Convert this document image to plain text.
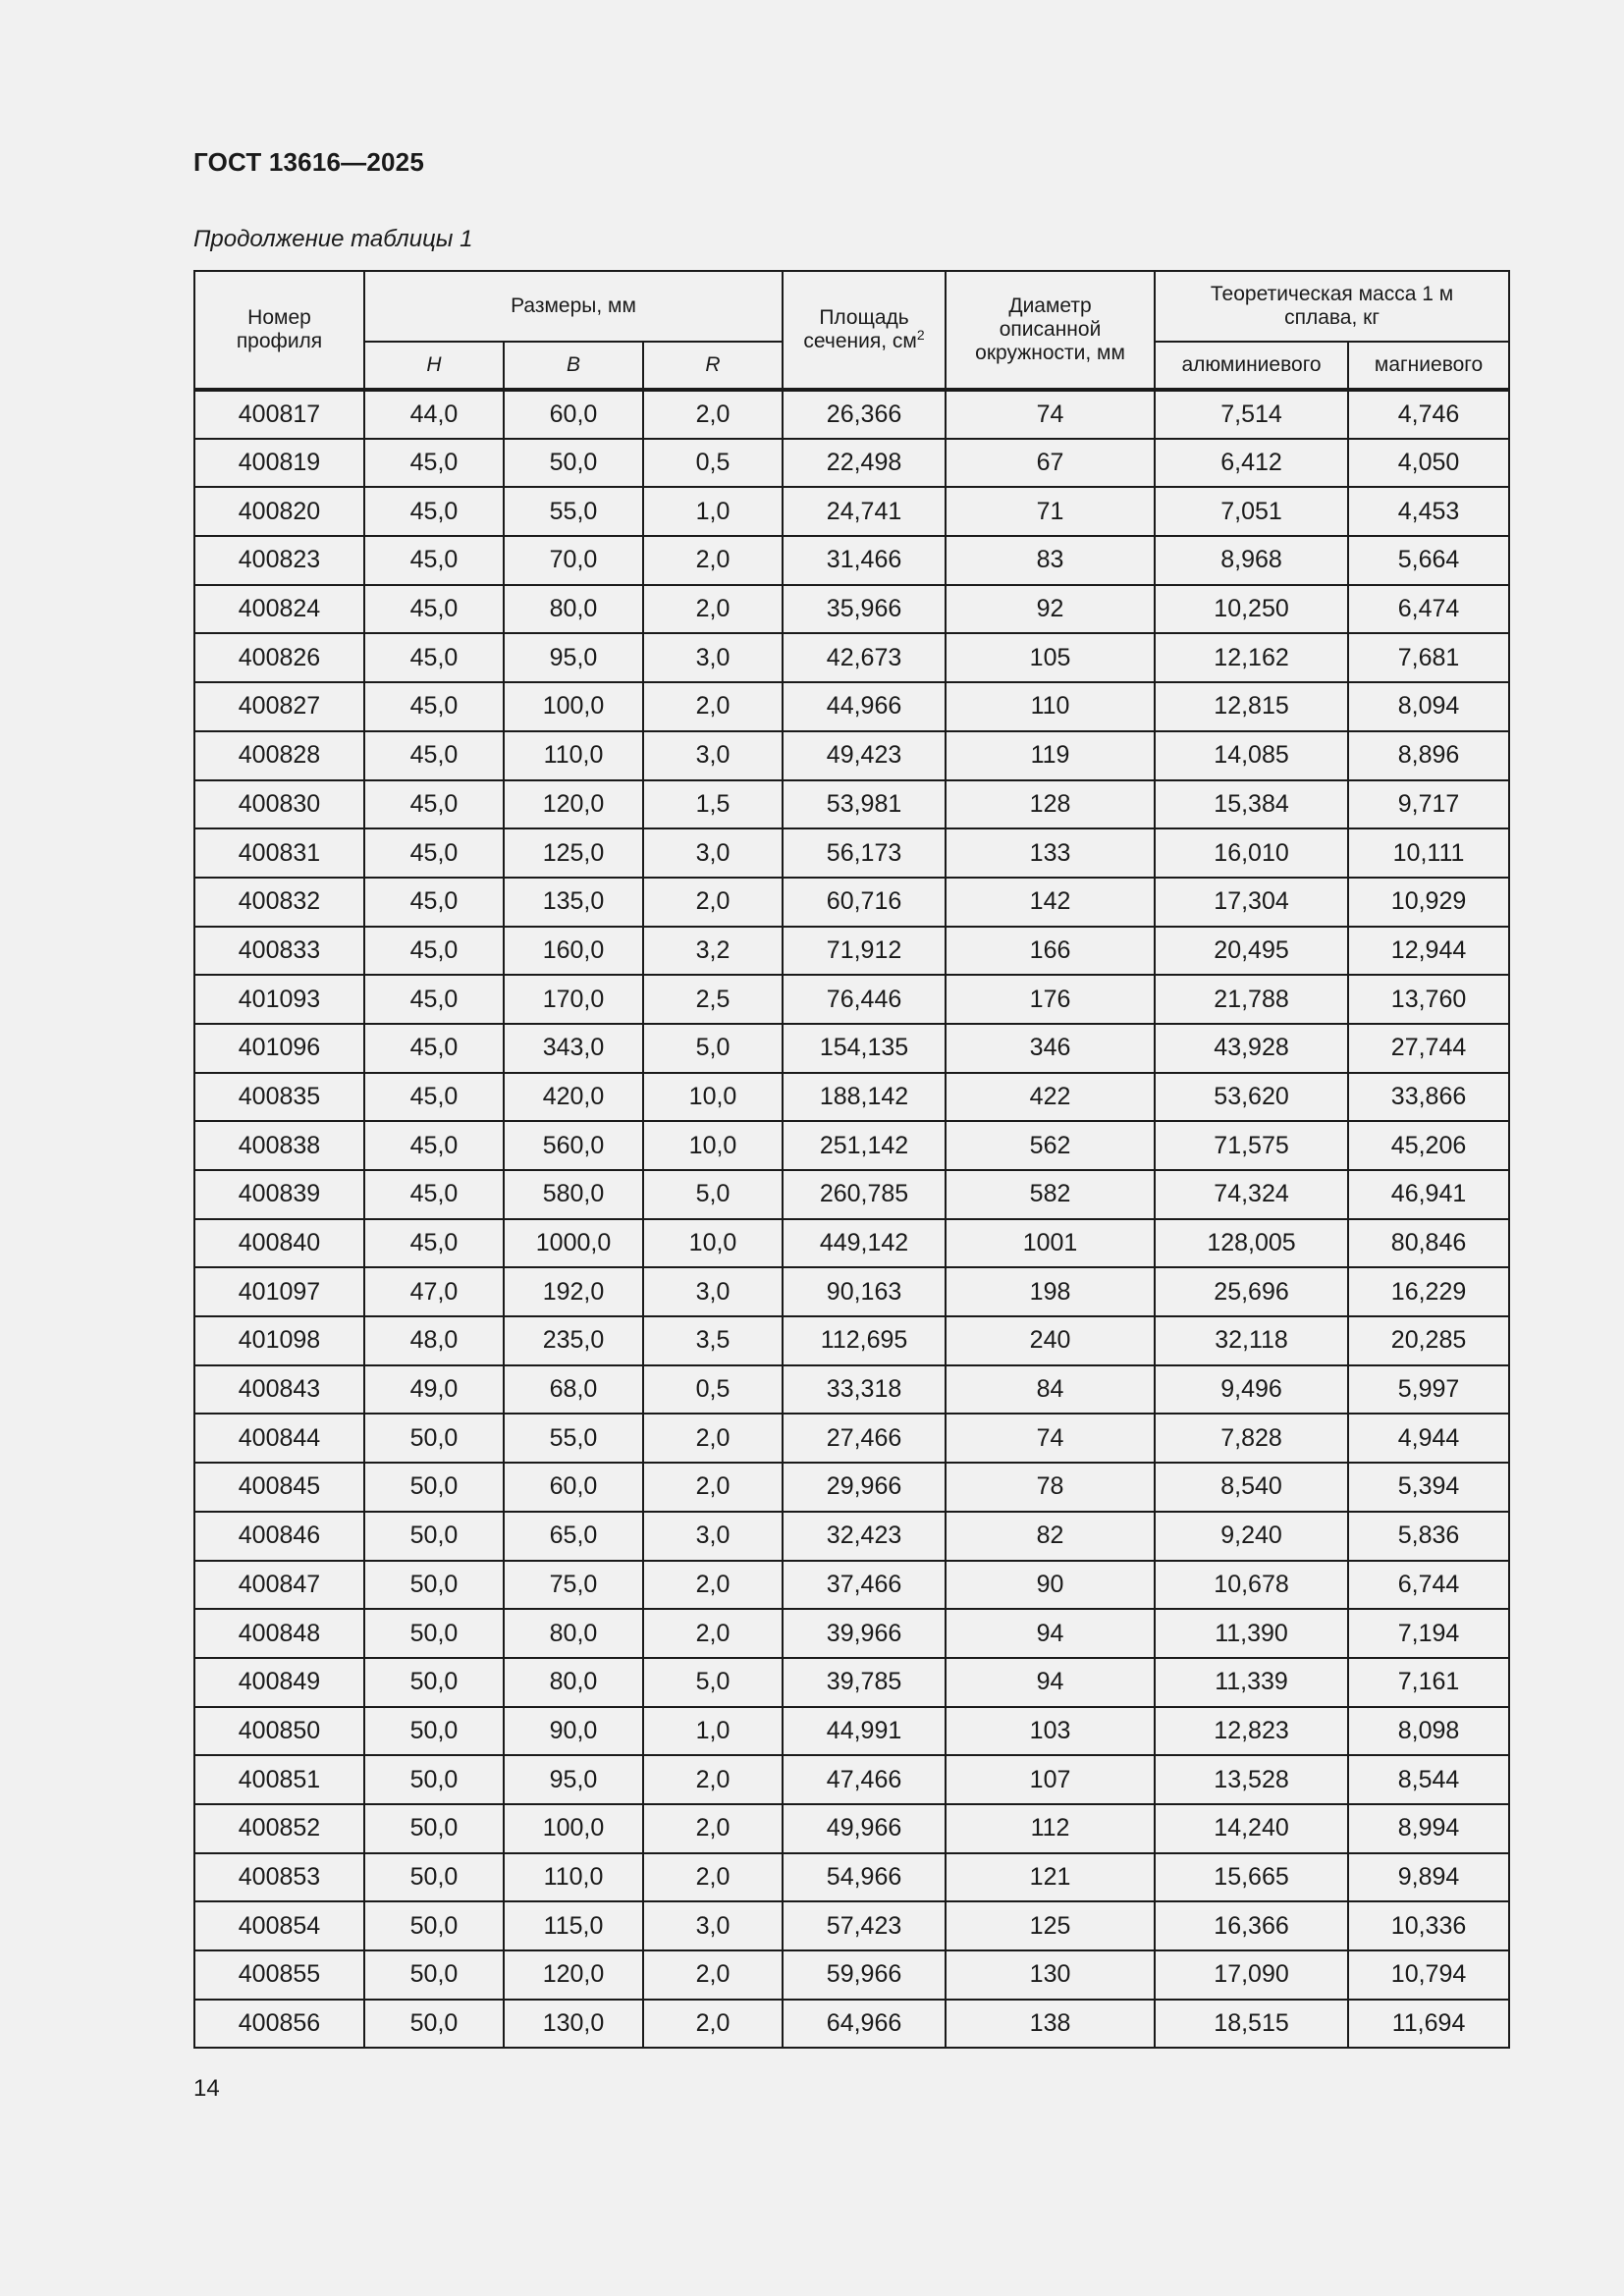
ГОСТ 13616—2025
Продолжение таблицы 1
Номер профиля	Размеры, мм			Площадь сечения, $см^2$	Диаметр описанной окружности, мм	Теоретическая масса 1 м сплава, кг	
	H	B	R			алюминиевого	магниевого
400817	44,0	60,0	2,0	26,366	74	7,514	4,746
400819	45,0	50,0	0,5	22,498	67	6,412	4,050
400820	45,0	55,0	1,0	24,741	71	7,051	4,453
400823	45,0	70,0	2,0	31,466	83	8,968	5,664
400824	45,0	80,0	2,0	35,966	92	10,250	6,474
400826	45,0	95,0	3,0	42,673	105	12,162	7,681
400827	45,0	100,0	2,0	44,966	110	12,815	8,094
400828	45,0	110,0	3,0	49,423	119	14,085	8,896
400830	45,0	120,0	1,5	53,981	128	15,384	9,717
400831	45,0	125,0	3,0	56,173	133	16,010	10,111
400832	45,0	135,0	2,0	60,716	142	17,304	10,929
400833	45,0	160,0	3,2	71,912	166	20,495	12,944
401093	45,0	170,0	2,5	76,446	176	21,788	13,760
401096	45,0	343,0	5,0	154,135	346	43,928	27,744
400835	45,0	420,0	10,0	188,142	422	53,620	33,866
400838	45,0	560,0	10,0	251,142	562	71,575	45,206
400839	45,0	580,0	5,0	260,785	582	74,324	46,941
400840	45,0	1000,0	10,0	449,142	1001	128,005	80,846
401097	47,0	192,0	3,0	90,163	198	25,696	16,229
401098	48,0	235,0	3,5	112,695	240	32,118	20,285
400843	49,0	68,0	0,5	33,318	84	9,496	5,997
400844	50,0	55,0	2,0	27,466	74	7,828	4,944
400845	50,0	60,0	2,0	29,966	78	8,540	5,394
400846	50,0	65,0	3,0	32,423	82	9,240	5,836
400847	50,0	75,0	2,0	37,466	90	10,678	6,744
400848	50,0	80,0	2,0	39,966	94	11,390	7,194
400849	50,0	80,0	5,0	39,785	94	11,339	7,161
400850	50,0	90,0	1,0	44,991	103	12,823	8,098
400851	50,0	95,0	2,0	47,466	107	13,528	8,544
400852	50,0	100,0	2,0	49,966	112	14,240	8,994
400853	50,0	110,0	2,0	54,966	121	15,665	9,894
400854	50,0	115,0	3,0	57,423	125	16,366	10,336
400855	50,0	120,0	2,0	59,966	130	17,090	10,794
400856	50,0	130,0	2,0	64,966	138	18,515	11,694
14
